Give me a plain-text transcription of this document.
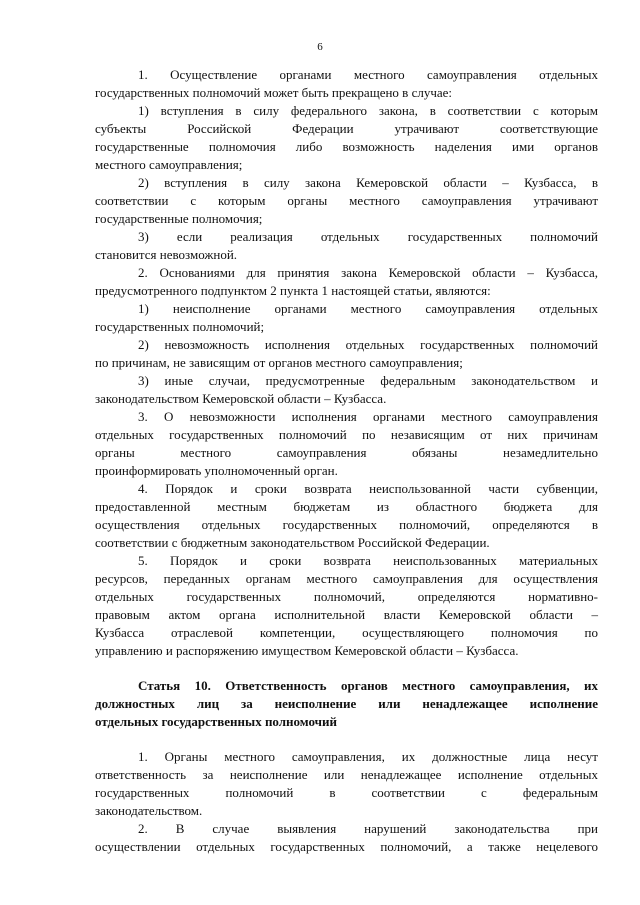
6
1. Осуществление органами местного самоуправления отдельных
государственных полномочий может быть прекращено в случае:
1) вступления в силу федерального закона, в соответствии с которым
субъекты Российской Федерации утрачивают соответствующие
государственные полномочия либо возможность наделения ими органов
местного самоуправления;
2) вступления в силу закона Кемеровской области – Кузбасса, в
соответствии с которым органы местного самоуправления утрачивают
государственные полномочия;
3) если реализация отдельных государственных полномочий
становится невозможной.
2. Основаниями для принятия закона Кемеровской области – Кузбасса,
предусмотренного подпунктом 2 пункта 1 настоящей статьи, являются:
1) неисполнение органами местного самоуправления отдельных
государственных полномочий;
2) невозможность исполнения отдельных государственных полномочий
по причинам, не зависящим от органов местного самоуправления;
3) иные случаи, предусмотренные федеральным законодательством и
законодательством Кемеровской области – Кузбасса.
3. О невозможности исполнения органами местного самоуправления
отдельных государственных полномочий по независящим от них причинам
органы местного самоуправления обязаны незамедлительно
проинформировать уполномоченный орган.
4. Порядок и сроки возврата неиспользованной части субвенции,
предоставленной местным бюджетам из областного бюджета для
осуществления отдельных государственных полномочий, определяются в
соответствии с бюджетным законодательством Российской Федерации.
5. Порядок и сроки возврата неиспользованных материальных
ресурсов, переданных органам местного самоуправления для осуществления
отдельных государственных полномочий, определяются нормативно-
правовым актом органа исполнительной власти Кемеровской области –
Кузбасса отраслевой компетенции, осуществляющего полномочия по
управлению и распоряжению имуществом Кемеровской области – Кузбасса.
Статья 10. Ответственность органов местного самоуправления, их
должностных лиц за неисполнение или ненадлежащее исполнение
отдельных государственных полномочий
1. Органы местного самоуправления, их должностные лица несут
ответственность за неисполнение или ненадлежащее исполнение отдельных
государственных полномочий в соответствии с федеральным
законодательством.
2. В случае выявления нарушений законодательства при
осуществлении отдельных государственных полномочий, а также нецелевого
